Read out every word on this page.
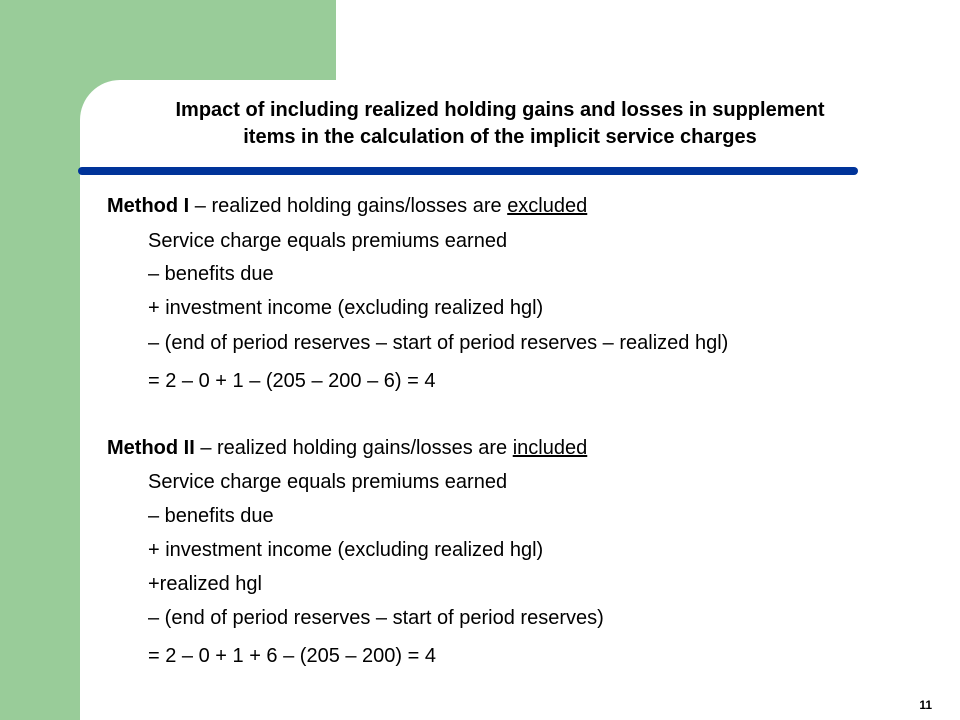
Impact of including realized holding gains and losses in supplement
items in the calculation of the implicit service charges
Method I – realized holding gains/losses are excluded
Service charge equals premiums earned
– benefits due
+ investment income (excluding realized hgl)
– (end of period reserves – start of period reserves – realized hgl)
= 2 – 0 + 1 – (205 – 200 – 6) = 4
Method II – realized holding gains/losses are included
Service charge equals premiums earned
– benefits due
+ investment income (excluding realized hgl)
+realized hgl
– (end of period reserves – start of period reserves)
= 2 – 0 + 1 + 6 – (205 – 200) = 4
11
